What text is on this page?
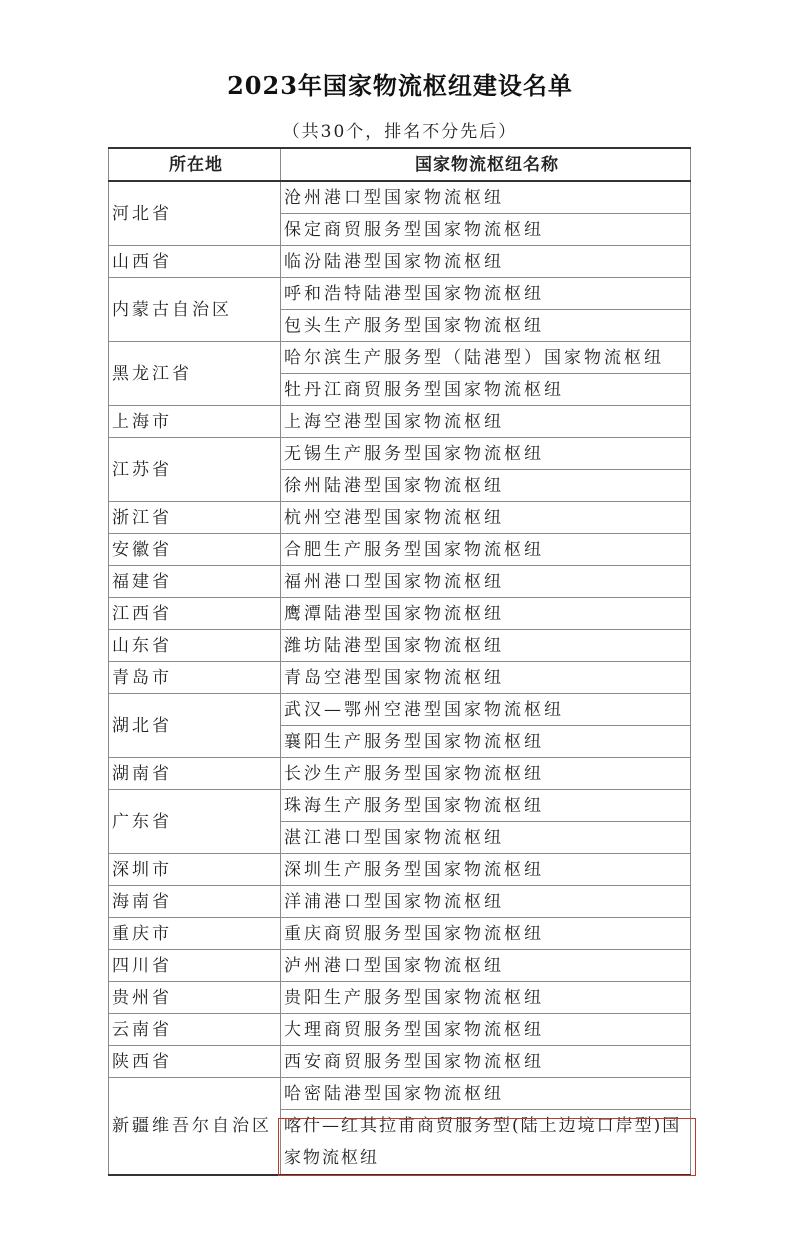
2023年国家物流枢纽建设名单
（共30个，排名不分先后）
所在地	国家物流枢纽名称
河北省	沧州港口型国家物流枢纽
	保定商贸服务型国家物流枢纽
山西省	临汾陆港型国家物流枢纽
内蒙古自治区	呼和浩特陆港型国家物流枢纽
	包头生产服务型国家物流枢纽
黑龙江省	哈尔滨生产服务型（陆港型）国家物流枢纽
	牡丹江商贸服务型国家物流枢纽
上海市	上海空港型国家物流枢纽
江苏省	无锡生产服务型国家物流枢纽
	徐州陆港型国家物流枢纽
浙江省	杭州空港型国家物流枢纽
安徽省	合肥生产服务型国家物流枢纽
福建省	福州港口型国家物流枢纽
江西省	鹰潭陆港型国家物流枢纽
山东省	潍坊陆港型国家物流枢纽
青岛市	青岛空港型国家物流枢纽
湖北省	武汉—鄂州空港型国家物流枢纽
	襄阳生产服务型国家物流枢纽
湖南省	长沙生产服务型国家物流枢纽
广东省	珠海生产服务型国家物流枢纽
	湛江港口型国家物流枢纽
深圳市	深圳生产服务型国家物流枢纽
海南省	洋浦港口型国家物流枢纽
重庆市	重庆商贸服务型国家物流枢纽
四川省	泸州港口型国家物流枢纽
贵州省	贵阳生产服务型国家物流枢纽
云南省	大理商贸服务型国家物流枢纽
陕西省	西安商贸服务型国家物流枢纽
新疆维吾尔自治区	哈密陆港型国家物流枢纽
	喀什—红其拉甫商贸服务型(陆上边境口岸型)国家物流枢纽
